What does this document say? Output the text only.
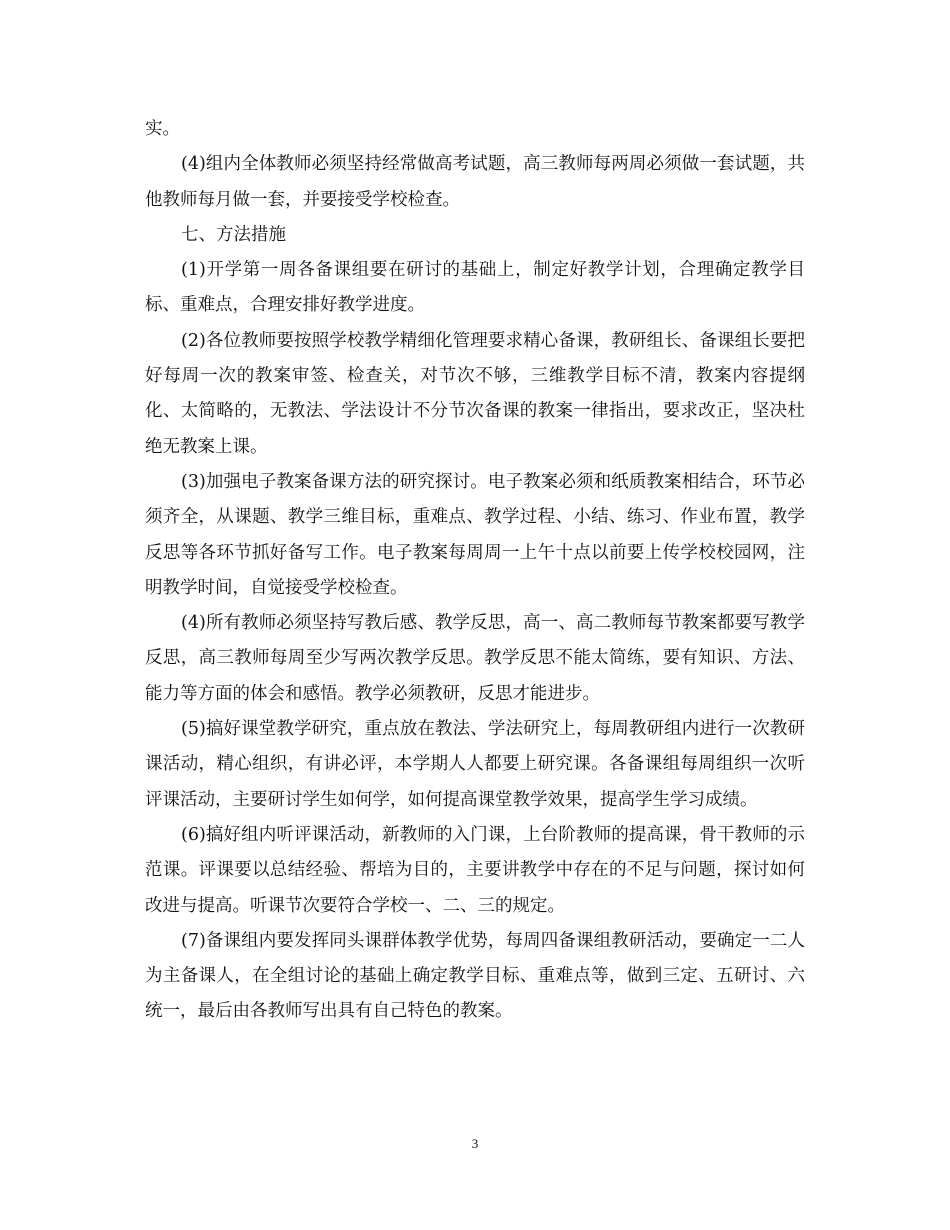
实。

(4)组内全体教师必须坚持经常做高考试题，高三教师每两周必须做一套试题，共他教师每月做一套，并要接受学校检查。

七、方法措施

(1)开学第一周各备课组要在研讨的基础上，制定好教学计划，合理确定教学目标、重难点，合理安排好教学进度。

(2)各位教师要按照学校教学精细化管理要求精心备课，教研组长、备课组长要把好每周一次的教案审签、检查关，对节次不够，三维教学目标不清，教案内容提纲化、太简略的，无教法、学法设计不分节次备课的教案一律指出，要求改正，坚决杜绝无教案上课。

(3)加强电子教案备课方法的研究探讨。电子教案必须和纸质教案相结合，环节必须齐全，从课题、教学三维目标，重难点、教学过程、小结、练习、作业布置，教学反思等各环节抓好备写工作。电子教案每周周一上午十点以前要上传学校校园网，注明教学时间，自觉接受学校检查。

(4)所有教师必须坚持写教后感、教学反思，高一、高二教师每节教案都要写教学反思，高三教师每周至少写两次教学反思。教学反思不能太简练，要有知识、方法、能力等方面的体会和感悟。教学必须教研，反思才能进步。

(5)搞好课堂教学研究，重点放在教法、学法研究上，每周教研组内进行一次教研课活动，精心组织，有讲必评，本学期人人都要上研究课。各备课组每周组织一次听评课活动，主要研讨学生如何学，如何提高课堂教学效果，提高学生学习成绩。

(6)搞好组内听评课活动，新教师的入门课，上台阶教师的提高课，骨干教师的示范课。评课要以总结经验、帮培为目的，主要讲教学中存在的不足与问题，探讨如何改进与提高。听课节次要符合学校一、二、三的规定。

(7)备课组内要发挥同头课群体教学优势，每周四备课组教研活动，要确定一二人为主备课人，在全组讨论的基础上确定教学目标、重难点等，做到三定、五研讨、六统一，最后由各教师写出具有自己特色的教案。

3
